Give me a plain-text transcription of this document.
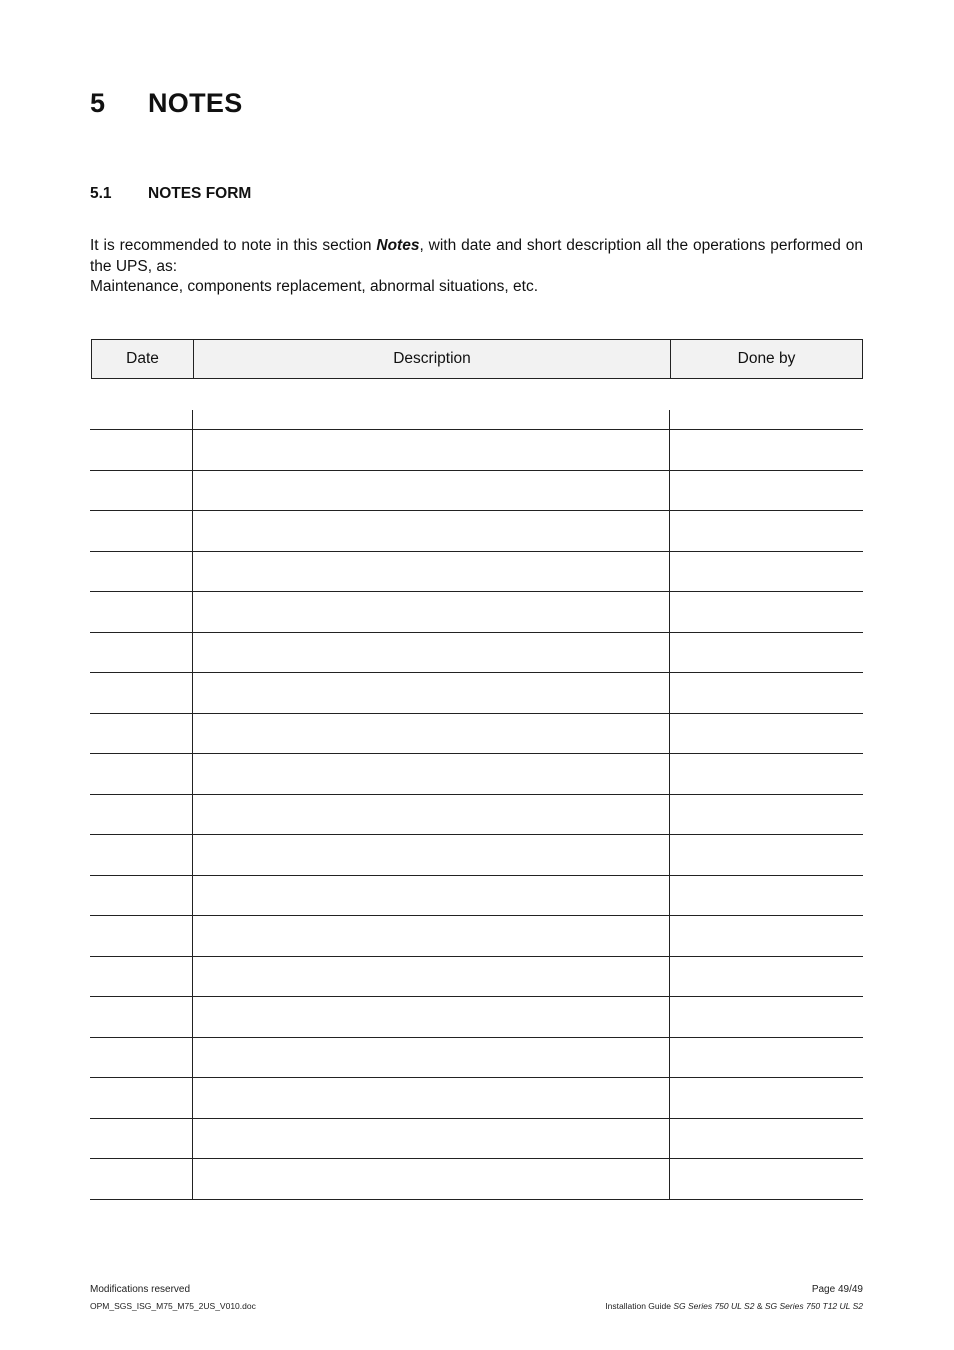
5 NOTES
5.1 NOTES FORM

It is recommended to note in this section Notes, with date and short description all the operations performed on the UPS, as:

Maintenance, components replacement, abnormal situations, etc.

Date	Description	Done by
Modifications reserved
OPM_SGS_ISG_M75_M75_2US_V010.doc
Page 49/49
Installation Guide SG Series 750 UL S2 & SG Series 750 T12 UL S2
